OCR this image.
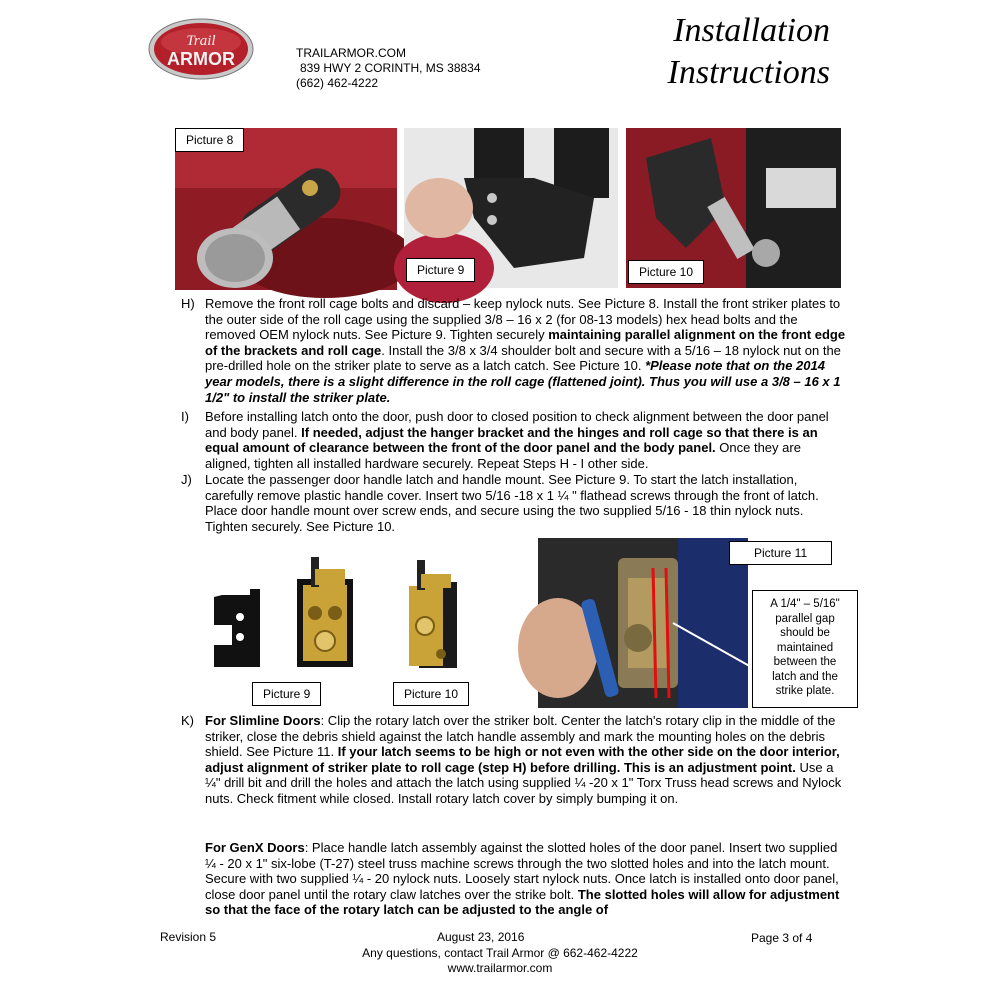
Trail
ARMOR	TRAILARMOR.COM
839 HWY 2 CORINTH, MS 38834
(662) 462-4222
Installation
Instructions
Picture 8
Picture 9	Picture 10
H) Remove the front roll cage bolts and discard – keep nylock nuts. See Picture 8. Install the front striker plates to the outer side of the roll cage using the supplied 3/8 – 16 x 2 (for 08-13 models) hex head bolts and the removed OEM nylock nuts. See Picture 9. Tighten securely maintaining parallel alignment on the front edge of the brackets and roll cage. Install the 3/8 x 3/4 shoulder bolt and secure with a 5/16 – 18 nylock nut on the pre-drilled hole on the striker plate to serve as a latch catch. See Picture 10. *Please note that on the 2014 year models, there is a slight difference in the roll cage (flattened joint). Thus you will use a 3/8 – 16 x 1 1/2" to install the striker plate.
I) Before installing latch onto the door, push door to closed position to check alignment between the door panel and body panel. If needed, adjust the hanger bracket and the hinges and roll cage so that there is an equal amount of clearance between the front of the door panel and the body panel. Once they are aligned, tighten all installed hardware securely. Repeat Steps H - I other side.
J) Locate the passenger door handle latch and handle mount. See Picture 9. To start the latch installation, carefully remove plastic handle cover. Insert two 5/16 -18 x 1 ¼ " flathead screws through the front of latch. Place door handle mount over screw ends, and secure using the two supplied 5/16 - 18 thin nylock nuts. Tighten securely. See Picture 10.
Picture 9	Picture 10
Picture 11
A 1/4" – 5/16"
parallel gap
should be
maintained
between the
latch and the
strike plate.
K) For Slimline Doors: Clip the rotary latch over the striker bolt. Center the latch's rotary clip in the middle of the striker, close the debris shield against the latch handle assembly and mark the mounting holes on the debris shield. See Picture 11. If your latch seems to be high or not even with the other side on the door interior, adjust alignment of striker plate to roll cage (step H) before drilling. This is an adjustment point. Use a ¼" drill bit and drill the holes and attach the latch using supplied ¼ -20 x 1" Torx Truss head screws and Nylock nuts. Check fitment while closed. Install rotary latch cover by simply bumping it on.
For GenX Doors: Place handle latch assembly against the slotted holes of the door panel. Insert two supplied ¼ - 20 x 1" six-lobe (T-27) steel truss machine screws through the two slotted holes and into the latch mount. Secure with two supplied ¼ - 20 nylock nuts. Loosely start nylock nuts. Once latch is installed onto door panel, close door panel until the rotary claw latches over the strike bolt. The slotted holes will allow for adjustment so that the face of the rotary latch can be adjusted to the angle of
Revision 5	August 23, 2016	Page 3 of 4
Any questions, contact Trail Armor @ 662-462-4222
www.trailarmor.com
